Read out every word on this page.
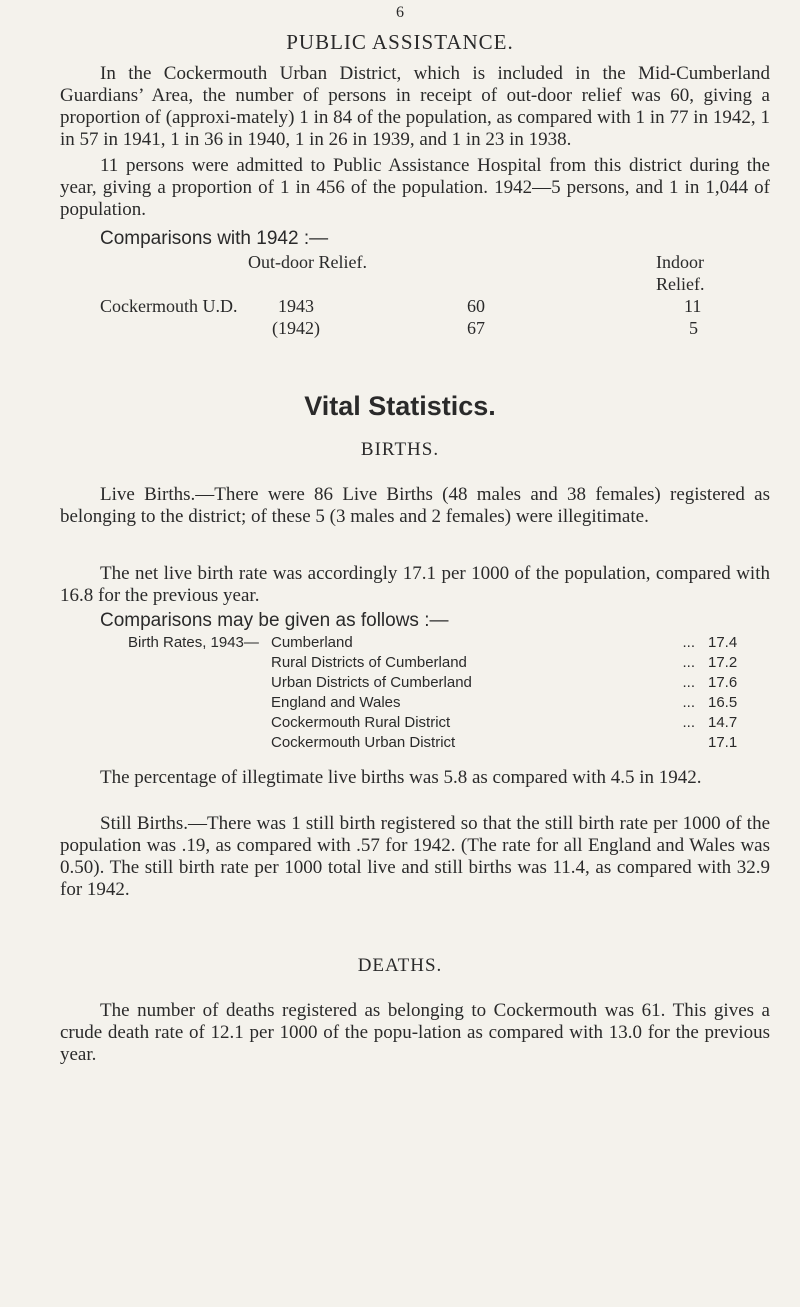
6
PUBLIC ASSISTANCE.

In the Cockermouth Urban District, which is included in the Mid-Cumberland Guardians’ Area, the number of persons in receipt of out-door relief was 60, giving a proportion of (approxi-mately) 1 in 84 of the population, as compared with 1 in 77 in 1942, 1 in 57 in 1941, 1 in 36 in 1940, 1 in 26 in 1939, and 1 in 23 in 1938.

11 persons were admitted to Public Assistance Hospital from this district during the year, giving a proportion of 1 in 456 of the population. 1942—5 persons, and 1 in 1,044 of population.

Comparisons with 1942 :—
Out-door Relief.	Indoor
Relief.
Cockermouth U.D. 1943	60	11
(1942)	67	5
Vital Statistics.
BIRTHS.

Live Births.—There were 86 Live Births (48 males and 38 females) registered as belonging to the district; of these 5 (3 males and 2 females) were illegitimate.

The net live birth rate was accordingly 17.1 per 1000 of the population, compared with 16.8 for the previous year.

Comparisons may be given as follows :—
Birth Rates, 1943— Cumberland	... 17.4
Rural Districts of Cumberland	... 17.2
Urban Districts of Cumberland	... 17.6
England and Wales	... 16.5
Cockermouth Rural District	... 14.7
Cockermouth Urban District	17.1

The percentage of illegtimate live births was 5.8 as compared with 4.5 in 1942.

Still Births.—There was 1 still birth registered so that the still birth rate per 1000 of the population was .19, as compared with .57 for 1942. (The rate for all England and Wales was 0.50). The still birth rate per 1000 total live and still births was 11.4, as compared with 32.9 for 1942.

DEATHS.

The number of deaths registered as belonging to Cockermouth was 61. This gives a crude death rate of 12.1 per 1000 of the popu-lation as compared with 13.0 for the previous year.
